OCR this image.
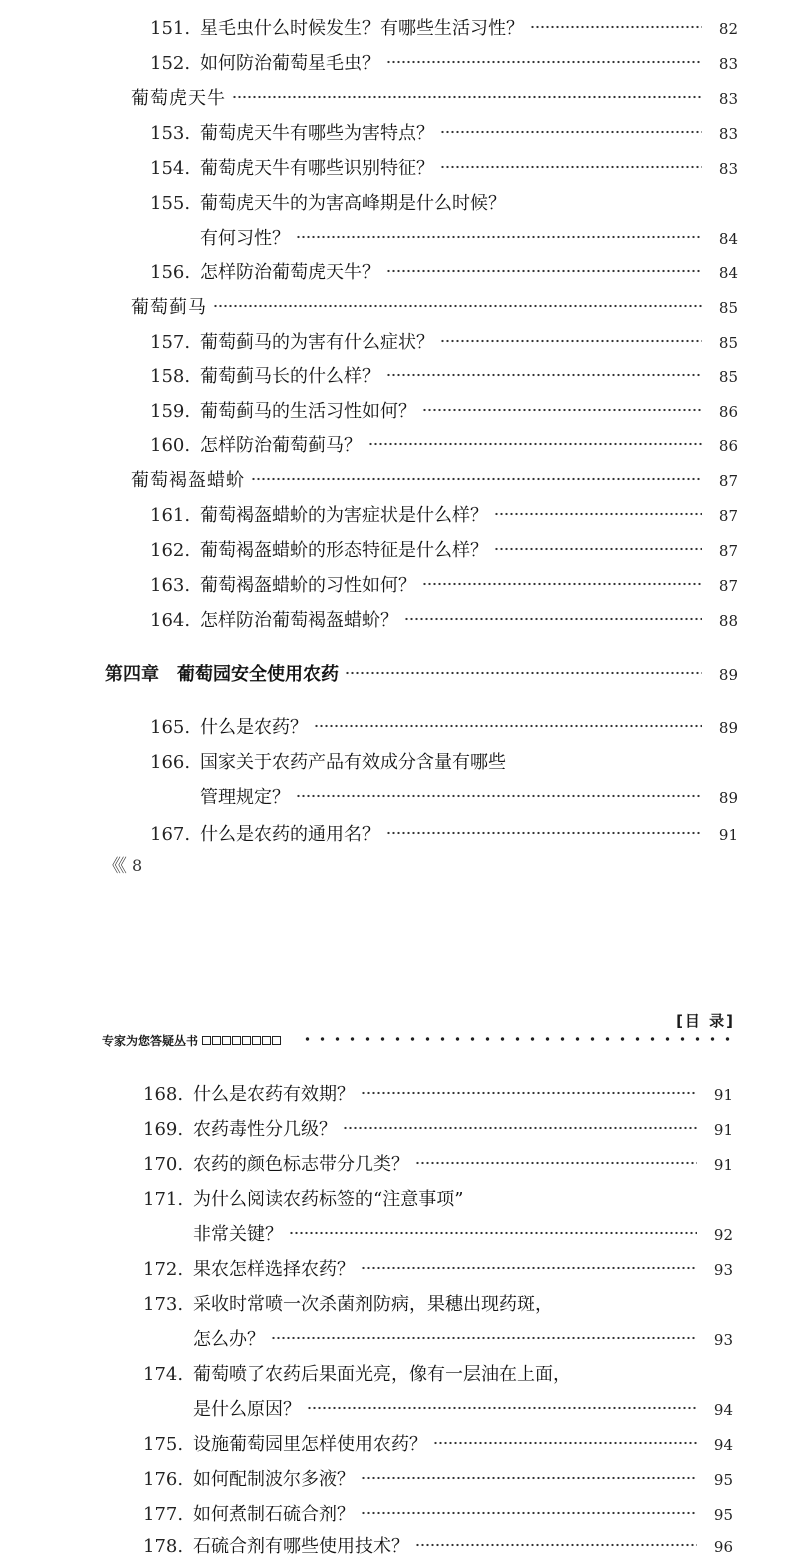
151. 星毛虫什么时候发生？有哪些生活习性？	82
152. 如何防治葡萄星毛虫？	83
葡萄虎天牛	83
153. 葡萄虎天牛有哪些为害特点？	83
154. 葡萄虎天牛有哪些识别特征？	83
155. 葡萄虎天牛的为害高峰期是什么时候？
有何习性？	84
156. 怎样防治葡萄虎天牛？	84
葡萄蓟马	85
157. 葡萄蓟马的为害有什么症状？	85
158. 葡萄蓟马长的什么样？	85
159. 葡萄蓟马的生活习性如何？	86
160. 怎样防治葡萄蓟马？	86
葡萄褐盔蜡蚧	87
161. 葡萄褐盔蜡蚧的为害症状是什么样？	87
162. 葡萄褐盔蜡蚧的形态特征是什么样？	87
163. 葡萄褐盔蜡蚧的习性如何？	87
164. 怎样防治葡萄褐盔蜡蚧？	88
第四章 葡萄园安全使用农药	89
165. 什么是农药？	89
166. 国家关于农药产品有效成分含量有哪些
管理规定？	89
167. 什么是农药的通用名？	91
《《 8
168. 什么是农药有效期？	91
169. 农药毒性分几级？	91
170. 农药的颜色标志带分几类？	91
171. 为什么阅读农药标签的“注意事项”
非常关键？	92
172. 果农怎样选择农药？	93
173. 采收时常喷一次杀菌剂防病，果穗出现药斑，
怎么办？	93
174. 葡萄喷了农药后果面光亮，像有一层油在上面，
是什么原因？	94
175. 设施葡萄园里怎样使用农药？	94
176. 如何配制波尔多液？	95
177. 如何煮制石硫合剂？	95
178. 石硫合剂有哪些使用技术？	96
[目 录]
专家为您答疑丛书
